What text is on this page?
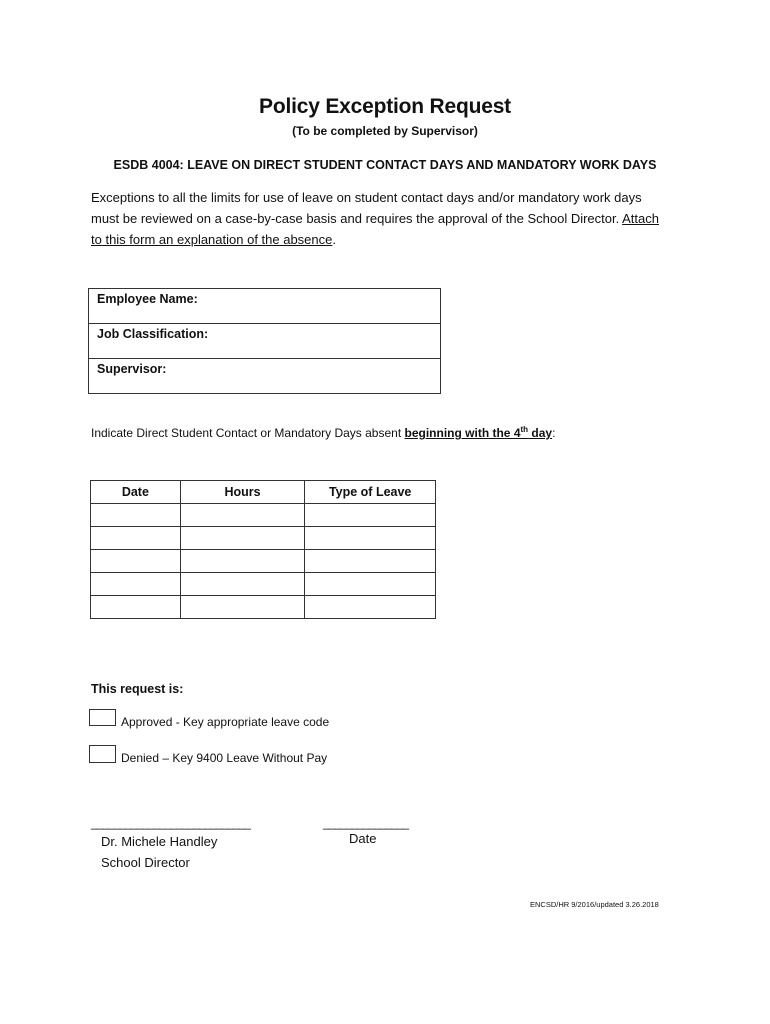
Policy Exception Request
(To be completed by Supervisor)
ESDB 4004: LEAVE ON DIRECT STUDENT CONTACT DAYS AND MANDATORY WORK DAYS
Exceptions to all the limits for use of leave on student contact days and/or mandatory work days must be reviewed on a case-by-case basis and requires the approval of the School Director. Attach to this form an explanation of the absence.
Employee Name:
Job Classification:
Supervisor:
Indicate Direct Student Contact or Mandatory Days absent beginning with the 4th day:
Date	Hours	Type of Leave

This request is:
Approved - Key appropriate leave code
Denied – Key 9400 Leave Without Pay
____________________________	_______________
Dr. Michele Handley
School Director
Date
ENCSD/HR 9/2016/updated 3.26.2018
